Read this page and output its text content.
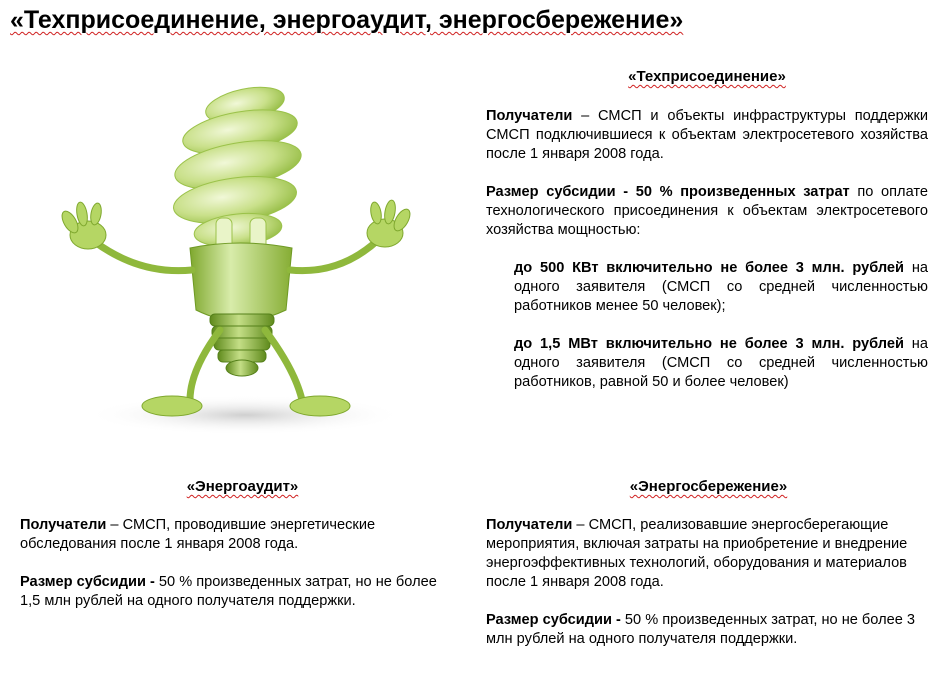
«Техприсоединение, энергоаудит, энергосбережение»
«Техприсоединение»

Получатели – СМСП и объекты инфраструктуры поддержки СМСП подключившиеся к объектам электросетевого хозяйства после 1 января 2008 года.

Размер субсидии - 50 % произведенных затрат по оплате технологического присоединения к объектам электросетевого хозяйства мощностью:

до 500 КВт включительно не более 3 млн. рублей на одного заявителя (СМСП со средней численностью работников менее 50 человек);

до 1,5 МВт включительно не более 3 млн. рублей на одного заявителя (СМСП со средней численностью работников, равной 50 и более человек)

«Энергоаудит»

Получатели – СМСП, проводившие энергетические обследования после 1 января 2008 года.

Размер субсидии - 50 % произведенных затрат, но не более 1,5 млн рублей на одного получателя поддержки.

«Энергосбережение»

Получатели – СМСП, реализовавшие энергосберегающие мероприятия, включая затраты на приобретение и внедрение энергоэффективных технологий, оборудования и материалов после 1 января 2008 года.

Размер субсидии - 50 % произведенных затрат, но не более 3 млн рублей на одного получателя поддержки.
